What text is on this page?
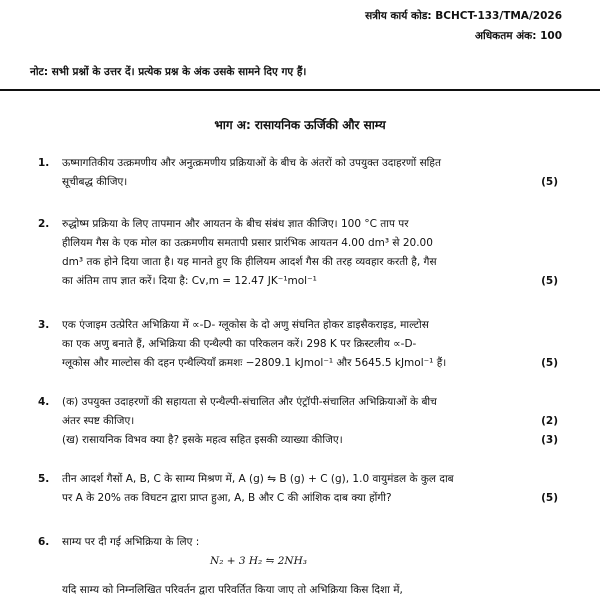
सत्रीय कार्य कोड: BCHCT-133/TMA/2026
अधिकतम अंक: 100
नोट: सभी प्रश्नों के उत्तर दें। प्रत्येक प्रश्न के अंक उसके सामने दिए गए हैं।
भाग अ: रासायनिक ऊर्जिकी और साम्य
1. ऊष्मागतिकीय उत्क्रमणीय और अनुत्क्रमणीय प्रक्रियाओं के बीच के अंतरों को उपयुक्त उदाहरणों सहित
सूचीबद्ध कीजिए।	(5)
2. रुद्धोष्म प्रक्रिया के लिए तापमान और आयतन के बीच संबंध ज्ञात कीजिए। 100 °C ताप पर
हीलियम गैस के एक मोल का उत्क्रमणीय समतापी प्रसार प्रारंभिक आयतन 4.00 dm³ से 20.00
dm³ तक होने दिया जाता है। यह मानते हुए कि हीलियम आदर्श गैस की तरह व्यवहार करती है, गैस
का अंतिम ताप ज्ञात करें। दिया है: Cv,m = 12.47 JK⁻¹mol⁻¹	(5)
3. एक एंजाइम उत्प्रेरित अभिक्रिया में ∝-D- ग्लूकोस के दो अणु संघनित होकर डाइसैकराइड, माल्टोस
का एक अणु बनाते हैं, अभिक्रिया की एन्थैल्पी का परिकलन करें। 298 K पर क्रिस्टलीय ∝-D-
ग्लूकोस और माल्टोस की दहन एन्थैल्पियाँ क्रमशः −2809.1 kJmol⁻¹ और 5645.5 kJmol⁻¹ हैं।	(5)
4. (क) उपयुक्त उदाहरणों की सहायता से एन्थैल्पी-संचालित और एंट्रॉपी-संचालित अभिक्रियाओं के बीच
अंतर स्पष्ट कीजिए।	(2)
(ख) रासायनिक विभव क्या है? इसके महत्व सहित इसकी व्याख्या कीजिए।	(3)
5. तीन आदर्श गैसों A, B, C के साम्य मिश्रण में, A (g) ⇋ B (g) + C (g), 1.0 वायुमंडल के कुल दाब
पर A के 20% तक विघटन द्वारा प्राप्त हुआ, A, B और C की आंशिक दाब क्या होंगी?	(5)
6. साम्य पर दी गई अभिक्रिया के लिए :
N₂ + 3 H₂ ⇋ 2NH₃
यदि साम्य को निम्नलिखित परिवर्तन द्वारा परिवर्तित किया जाए तो अभिक्रिया किस दिशा में,
